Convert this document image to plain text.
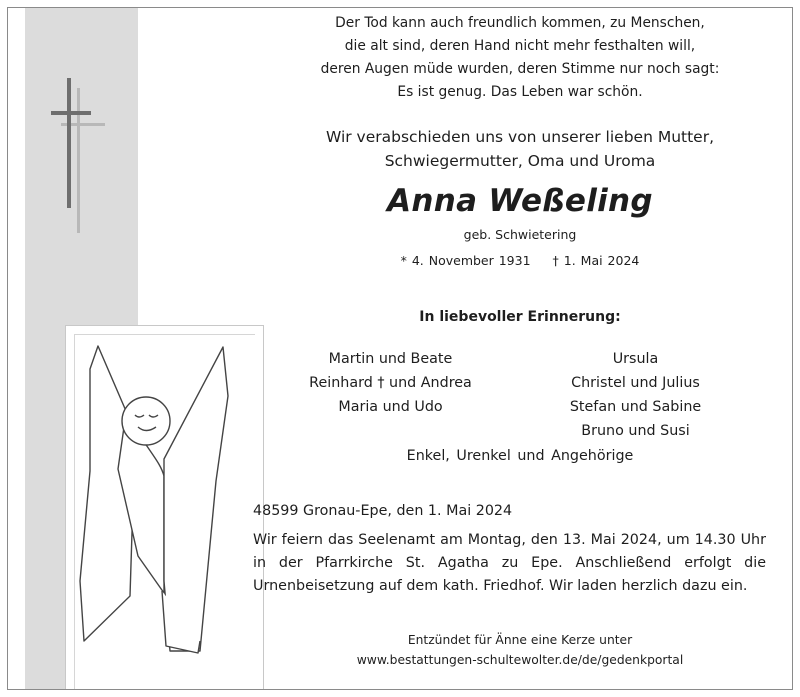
Der Tod kann auch freundlich kommen, zu Menschen,
die alt sind, deren Hand nicht mehr festhalten will,
deren Augen müde wurden, deren Stimme nur noch sagt:
Es ist genug. Das Leben war schön.
Wir verabschieden uns von unserer lieben Mutter,
Schwiegermutter, Oma und Uroma
Anna Weßeling
geb. Schwietering
* 4. November 1931 † 1. Mai 2024
In liebevoller Erinnerung:
Martin und Beate
Reinhard † und Andrea
Maria und Udo
Ursula
Christel und Julius
Stefan und Sabine
Bruno und Susi
Enkel, Urenkel und Angehörige
48599 Gronau-Epe, den 1. Mai 2024
Wir feiern das Seelenamt am Montag, den 13. Mai 2024, um 14.30 Uhr in der Pfarrkirche St. Agatha zu Epe. Anschließend erfolgt die Urnenbeisetzung auf dem kath. Friedhof. Wir laden herzlich dazu ein.
Entzündet für Änne eine Kerze unter
www.bestattungen-schultewolter.de/de/gedenkportal
